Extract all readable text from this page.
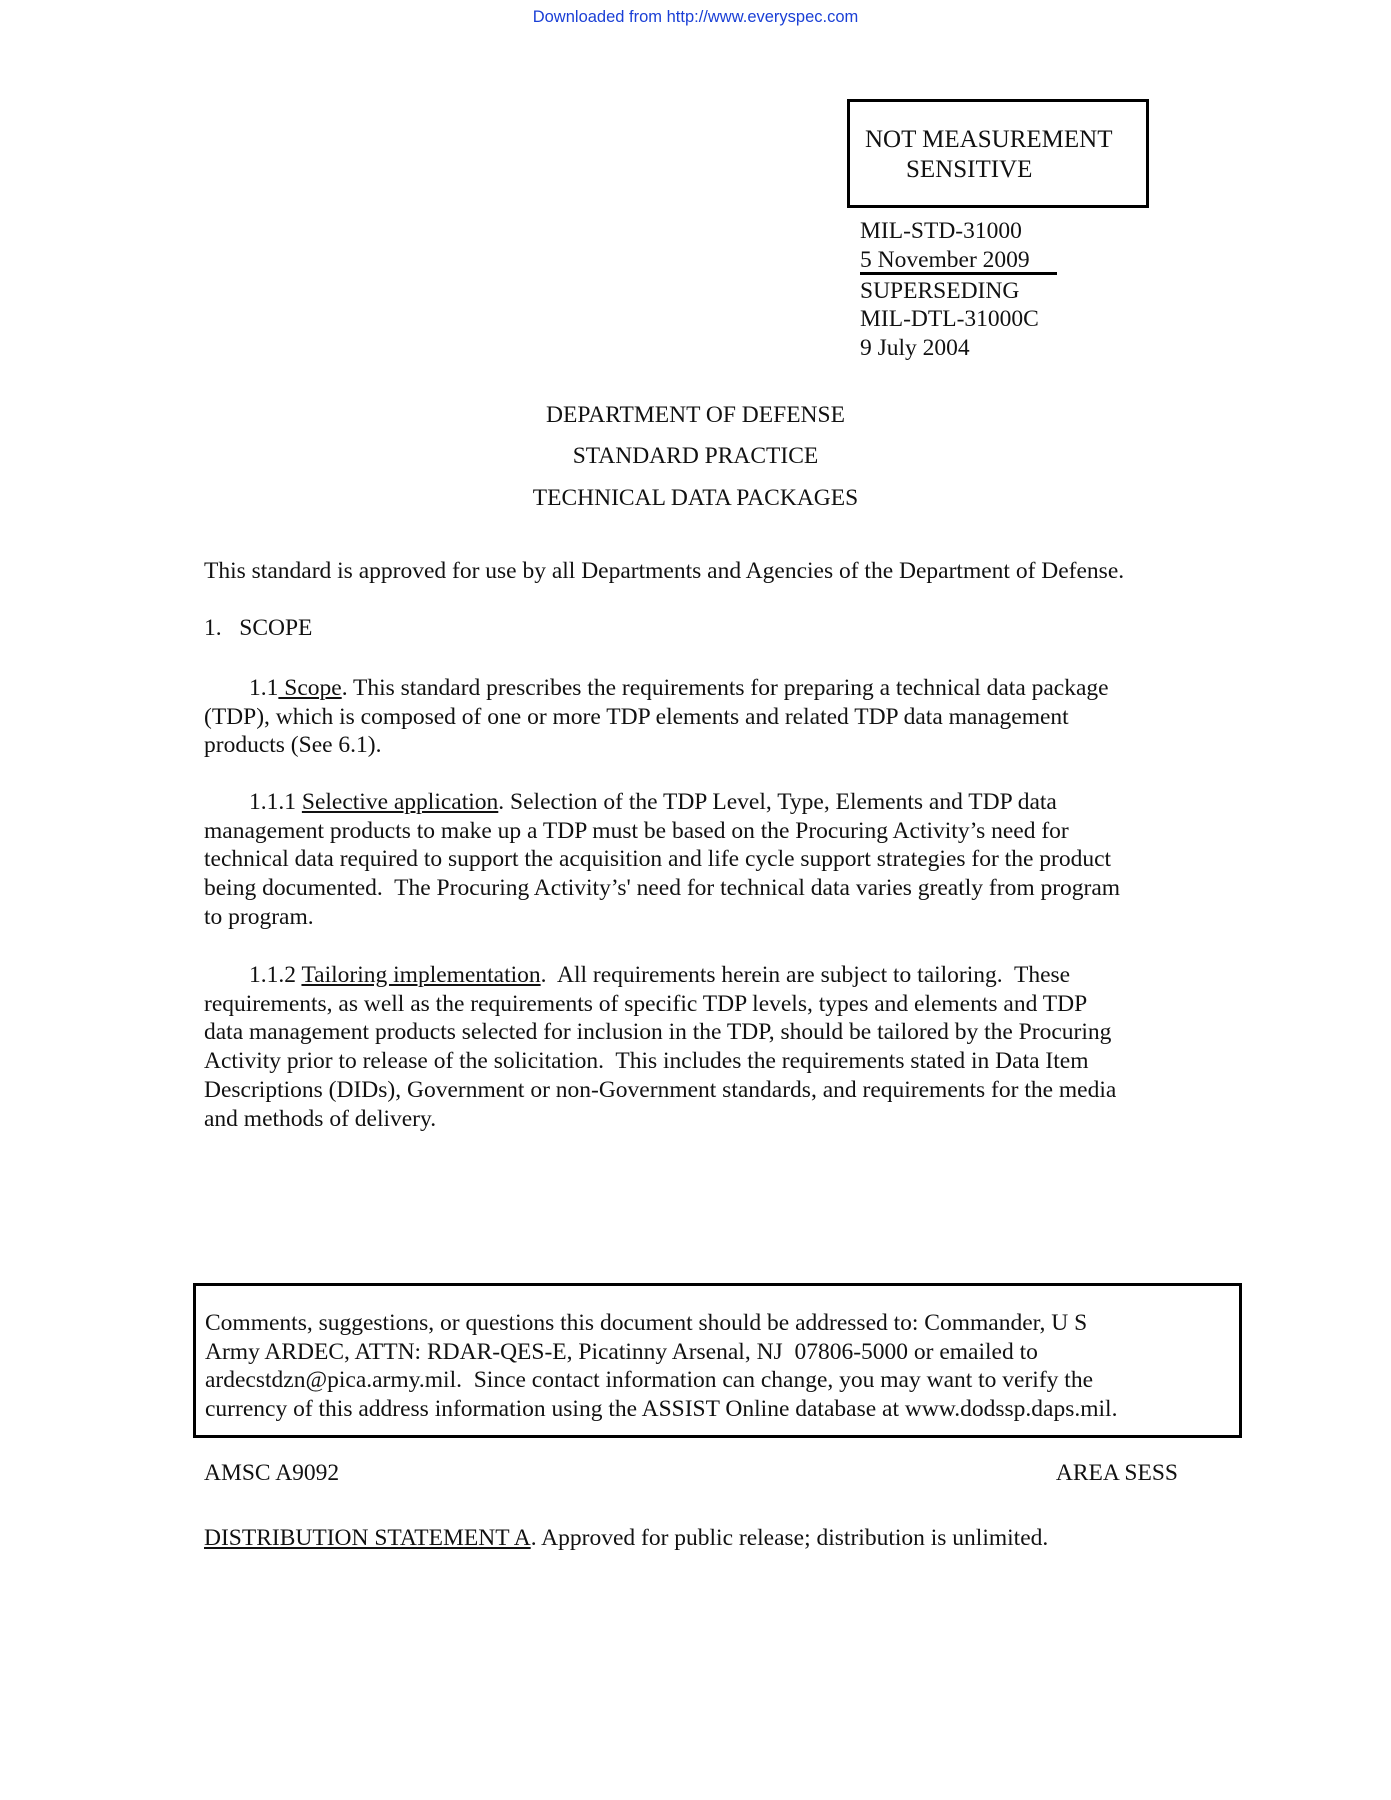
Downloaded from http://www.everyspec.com
NOT MEASUREMENT
SENSITIVE
MIL-STD-31000
5 November 2009
SUPERSEDING
MIL-DTL-31000C
9 July 2004
DEPARTMENT OF DEFENSE
STANDARD PRACTICE
TECHNICAL DATA PACKAGES
This standard is approved for use by all Departments and Agencies of the Department of Defense.
1. SCOPE
1.1 Scope. This standard prescribes the requirements for preparing a technical data package
(TDP), which is composed of one or more TDP elements and related TDP data management
products (See 6.1).
1.1.1 Selective application. Selection of the TDP Level, Type, Elements and TDP data
management products to make up a TDP must be based on the Procuring Activity’s need for
technical data required to support the acquisition and life cycle support strategies for the product
being documented.  The Procuring Activity’s' need for technical data varies greatly from program
to program.
1.1.2 Tailoring implementation.  All requirements herein are subject to tailoring.  These
requirements, as well as the requirements of specific TDP levels, types and elements and TDP
data management products selected for inclusion in the TDP, should be tailored by the Procuring
Activity prior to release of the solicitation.  This includes the requirements stated in Data Item
Descriptions (DIDs), Government or non-Government standards, and requirements for the media
and methods of delivery.
Comments, suggestions, or questions this document should be addressed to: Commander, U S
Army ARDEC, ATTN: RDAR-QES-E, Picatinny Arsenal, NJ  07806-5000 or emailed to
ardecstdzn@pica.army.mil.  Since contact information can change, you may want to verify the
currency of this address information using the ASSIST Online database at www.dodssp.daps.mil.
AMSC A9092	AREA SESS
DISTRIBUTION STATEMENT A. Approved for public release; distribution is unlimited.
